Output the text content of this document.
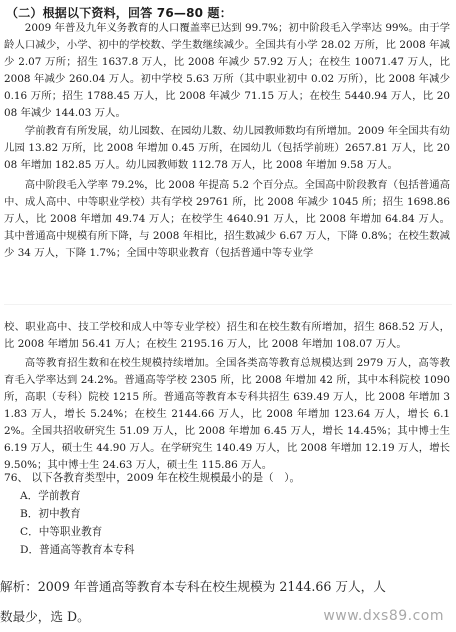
（二）根据以下资料，回答 76—80 题：
2009 年普及九年义务教育的人口覆盖率已达到 99.7%；初中阶段毛入学率达 99%。由于学龄人口减少，小学、初中的学校数、学生数继续减少。全国共有小学 28.02 万所，比 2008 年减少 2.07 万所；招生 1637.8 万人，比 2008 年减少 57.92 万人；在校生 10071.47 万人，比 2008 年减少 260.04 万人。初中学校 5.63 万所（其中职业初中 0.02 万所），比 2008 年减少 0.16 万所；招生 1788.45 万人，比 2008 年减少 71.15 万人；在校生 5440.94 万人，比 2008 年减少 144.03 万人。
学前教育有所发展，幼儿园数、在园幼儿数、幼儿园教师数均有所增加。2009 年全国共有幼儿园 13.82 万所，比 2008 年增加 0.45 万所，在园幼儿（包括学前班）2657.81 万人，比 2008 年增加 182.85 万人。幼儿园教师数 112.78 万人，比 2008 年增加 9.58 万人。
高中阶段毛入学率 79.2%，比 2008 年提高 5.2 个百分点。全国高中阶段教育（包括普通高中、成人高中、中等职业学校）共有学校 29761 所，比 2008 年减少 1045 所；招生 1698.86 万人，比 2008 年增加 49.74 万人；在校学生 4640.91 万人，比 2008 年增加 64.84 万人。其中普通高中规模有所下降，与 2008 年相比，招生数减少 6.67 万人，下降 0.8%；在校生数减少 34 万人，下降 1.7%；全国中等职业教育（包括普通中等专业学
校、职业高中、技工学校和成人中等专业学校）招生和在校生数有所增加，招生 868.52 万人，比 2008 年增加 56.41 万人；在校生 2195.16 万人，比 2008 年增加 108.07 万人。
高等教育招生数和在校生规模持续增加。全国各类高等教育总规模达到 2979 万人，高等教育毛入学率达到 24.2%。普通高等学校 2305 所，比 2008 年增加 42 所，其中本科院校 1090 所，高职（专科）院校 1215 所。普通高等教育本专科共招生 639.49 万人，比 2008 年增加 31.83 万人，增长 5.24%；在校生 2144.66 万人，比 2008 年增加 123.64 万人，增长 6.12%。全国共招收研究生 51.09 万人，比 2008 年增加 6.45 万人，增长 14.45%；其中博士生 6.19 万人，硕士生 44.90 万人。在学研究生 140.49 万人，比 2008 年增加 12.19 万人，增长 9.50%；其中博士生 24.63 万人，硕士生 115.86 万人。
76、 以下各教育类型中，2009 年在校生规模最小的是（　）。
A．学前教育
B．初中教育
C．中等职业教育
D．普通高等教育本专科
解析：2009 年普通高等教育本专科在校生规模为 2144.66 万人，人
数最少，选 D。	www.dxs89.com
